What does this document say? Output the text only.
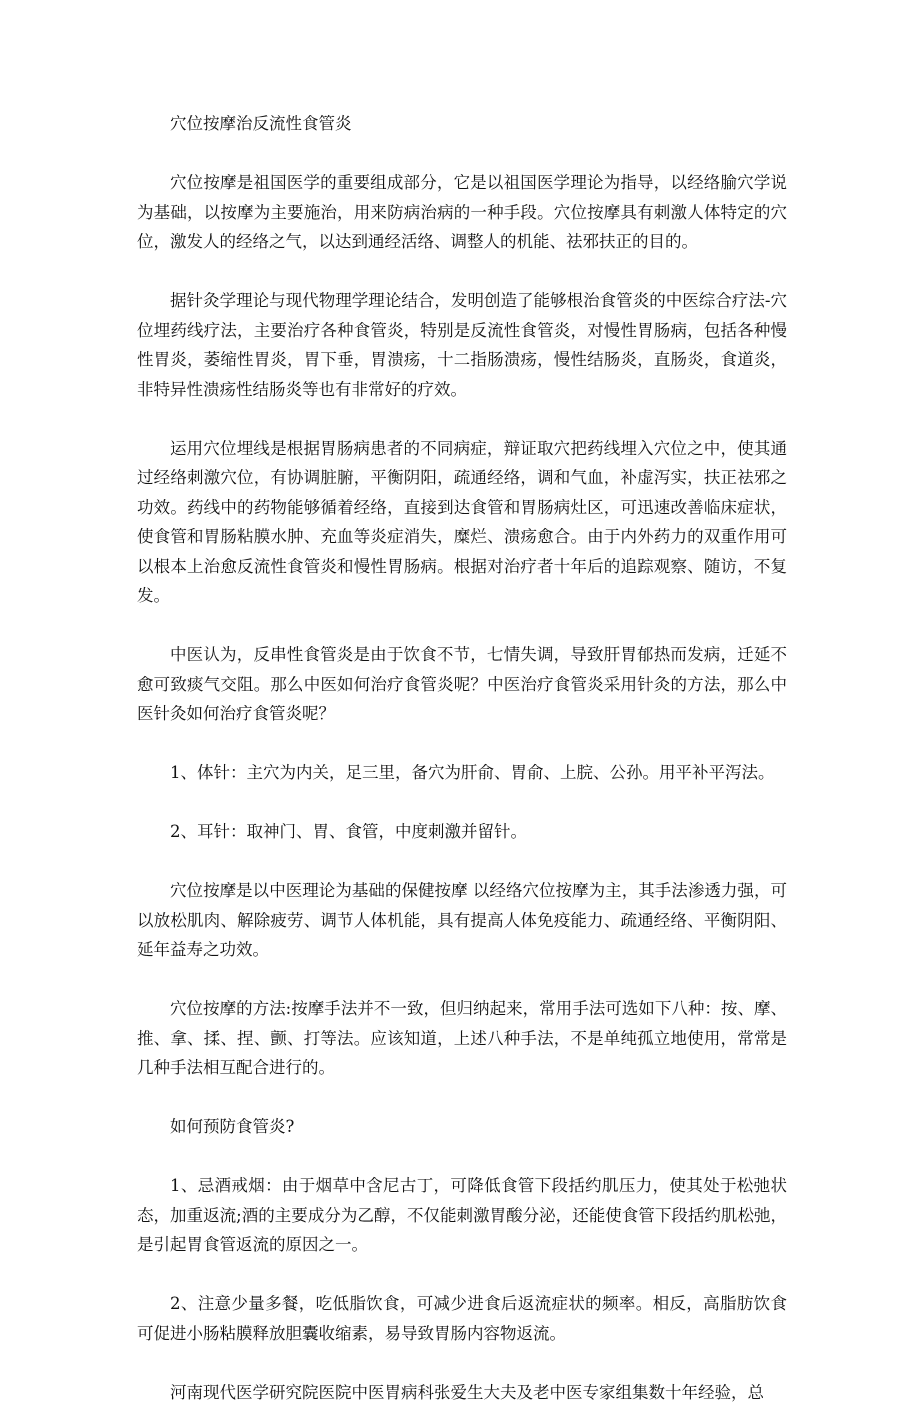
穴位按摩治反流性食管炎

穴位按摩是祖国医学的重要组成部分，它是以祖国医学理论为指导，以经络腧穴学说为基础，以按摩为主要施治，用来防病治病的一种手段。穴位按摩具有刺激人体特定的穴位，激发人的经络之气，以达到通经活络、调整人的机能、祛邪扶正的目的。

据针灸学理论与现代物理学理论结合，发明创造了能够根治食管炎的中医综合疗法-穴位埋药线疗法，主要治疗各种食管炎，特别是反流性食管炎，对慢性胃肠病，包括各种慢性胃炎，萎缩性胃炎，胃下垂，胃溃疡，十二指肠溃疡，慢性结肠炎，直肠炎，食道炎，非特异性溃疡性结肠炎等也有非常好的疗效。

运用穴位埋线是根据胃肠病患者的不同病症，辩证取穴把药线埋入穴位之中，使其通过经络刺激穴位，有协调脏腑，平衡阴阳，疏通经络，调和气血，补虚泻实，扶正祛邪之功效。药线中的药物能够循着经络，直接到达食管和胃肠病灶区，可迅速改善临床症状，使食管和胃肠粘膜水肿、充血等炎症消失，糜烂、溃疡愈合。由于内外药力的双重作用可以根本上治愈反流性食管炎和慢性胃肠病。根据对治疗者十年后的追踪观察、随访，不复发。

中医认为，反串性食管炎是由于饮食不节，七情失调，导致肝胃郁热而发病，迁延不愈可致痰气交阻。那么中医如何治疗食管炎呢？中医治疗食管炎采用针灸的方法，那么中医针灸如何治疗食管炎呢？

1、体针：主穴为内关，足三里，备穴为肝俞、胃俞、上脘、公孙。用平补平泻法。

2、耳针：取神门、胃、食管，中度刺激并留针。

穴位按摩是以中医理论为基础的保健按摩 以经络穴位按摩为主，其手法渗透力强，可以放松肌肉、解除疲劳、调节人体机能，具有提高人体免疫能力、疏通经络、平衡阴阳、延年益寿之功效。

穴位按摩的方法:按摩手法并不一致，但归纳起来，常用手法可选如下八种：按、摩、推、拿、揉、捏、颤、打等法。应该知道，上述八种手法，不是单纯孤立地使用，常常是几种手法相互配合进行的。

如何预防食管炎?

1、忌酒戒烟：由于烟草中含尼古丁，可降低食管下段括约肌压力，使其处于松弛状态，加重返流;酒的主要成分为乙醇，不仅能刺激胃酸分泌，还能使食管下段括约肌松弛，是引起胃食管返流的原因之一。

2、注意少量多餐，吃低脂饮食，可减少进食后返流症状的频率。相反，高脂肪饮食可促进小肠粘膜释放胆囊收缩素，易导致胃肠内容物返流。

河南现代医学研究院医院中医胃病科张爱生大夫及老中医专家组集数十年经验，总
